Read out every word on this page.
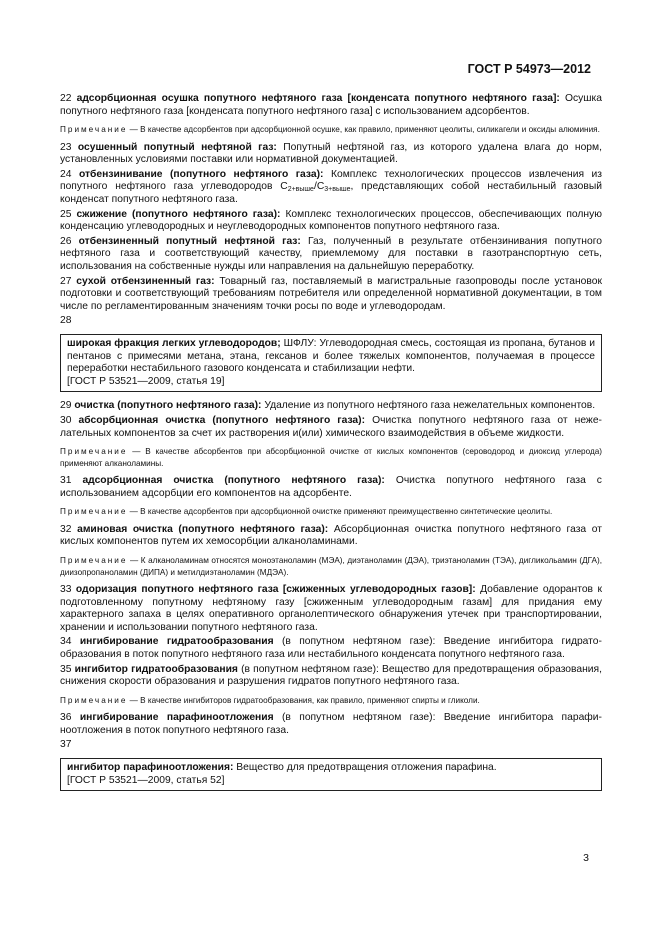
ГОСТ Р 54973—2012

22 адсорбционная осушка попутного нефтяного газа [конденсата попутного нефтяного газа]: Осушка попутного нефтяного газа [конденсата попутного нефтяного газа] с использованием адсорбентов.

Примечание — В качестве адсорбентов при адсорбционной осушке, как правило, применяют цеолиты, силикагели и оксиды алюминия.

23 осушенный попутный нефтяной газ: Попутный нефтяной газ, из которого удалена влага до норм, установленных условиями поставки или нормативной документацией.

24 отбензинивание (попутного нефтяного газа): Комплекс технологических процессов извлечения из попутного нефтяного газа углеводородов $С_{2+выше}/С_{3+выше}$, представляющих собой нестабильный газовый конденсат попутного нефтяного газа.

25 сжижение (попутного нефтяного газа): Комплекс технологических процессов, обеспечивающих полную конденсацию углеводородных и неуглеводородных компонентов попутного нефтяного газа.

26 отбензиненный попутный нефтяной газ: Газ, полученный в результате отбензинивания попутного нефтяного газа и соответствующий качеству, приемлемому для поставки в газотранспортную сеть, использования на собственные нужды или направления на дальнейшую переработку.

27 сухой отбензиненный газ: Товарный газ, поставляемый в магистральные газопроводы после установок подготовки и соответствующий требованиям потребителя или определенной нормативной документации, в том числе по регламентированным значениям точки росы по воде и углеводородам.

28

широкая фракция легких углеводородов; ШФЛУ: Углеводородная смесь, состоящая из пропана, бутанов и пентанов с примесями метана, этана, гексанов и более тяжелых компонентов, получаемая в процессе переработки нестабильного газового конденсата и стабилизации нефти.

[ГОСТ Р 53521—2009, статья 19]

29 очистка (попутного нефтяного газа): Удаление из попутного нефтяного газа нежелательных компонентов.

30 абсорбционная очистка (попутного нефтяного газа): Очистка попутного нефтяного газа от нежелательных компонентов за счет их растворения и(или) химического взаимодействия в объеме жидкости.

Примечание — В качестве абсорбентов при абсорбционной очистке от кислых компонентов (сероводород и диоксид углерода) применяют алканоламины.

31 адсорбционная очистка (попутного нефтяного газа): Очистка попутного нефтяного газа с использованием адсорбции его компонентов на адсорбенте.

Примечание — В качестве адсорбентов при адсорбционной очистке применяют преимущественно синтетические цеолиты.

32 аминовая очистка (попутного нефтяного газа): Абсорбционная очистка попутного нефтяного газа от кислых компонентов путем их хемосорбции алканоламинами.

Примечание — К алканоламинам относятся моноэтаноламин (МЭА), диэтаноламин (ДЭА), триэтаноламин (ТЭА), дигликольамин (ДГА), диизопропаноламин (ДИПА) и метилдиэтаноламин (МДЭА).

33 одоризация попутного нефтяного газа [сжиженных углеводородных газов]: Добавление одорантов к подготовленному попутному нефтяному газу [сжиженным углеводородным газам] для придания ему характерного запаха в целях оперативного органолептического обнаружения утечек при транспортировании, хранении и использовании попутного нефтяного газа.

34 ингибирование гидратообразования (в попутном нефтяном газе): Введение ингибитора гидратообразования в поток попутного нефтяного газа или нестабильного конденсата попутного нефтяного газа.

35 ингибитор гидратообразования (в попутном нефтяном газе): Вещество для предотвращения образования, снижения скорости образования и разрушения гидратов попутного нефтяного газа.

Примечание — В качестве ингибиторов гидратообразования, как правило, применяют спирты и гликоли.

36 ингибирование парафиноотложения (в попутном нефтяном газе): Введение ингибитора парафиноотложения в поток попутного нефтяного газа.

37

ингибитор парафиноотложения: Вещество для предотвращения отложения парафина.

[ГОСТ Р 53521—2009, статья 52]

3
